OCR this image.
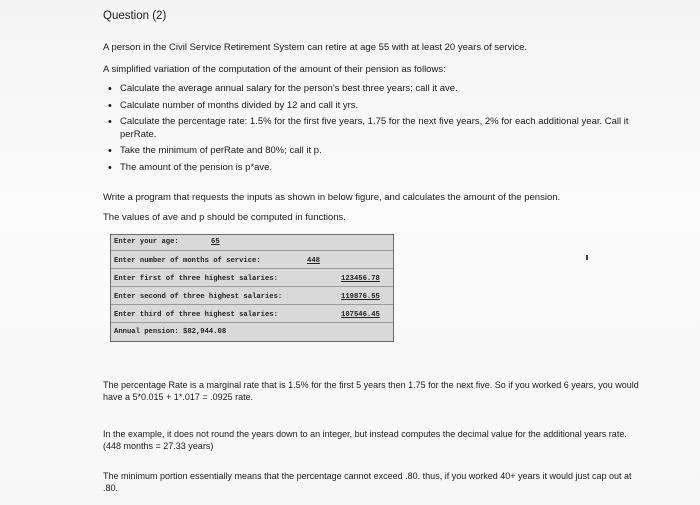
Question (2)
A person in the Civil Service Retirement System can retire at age 55 with at least 20 years of service.
A simplified variation of the computation of the amount of their pension as follows:
• Calculate the average annual salary for the person's best three years; call it ave.
• Calculate number of months divided by 12 and call it yrs.
• Calculate the percentage rate: 1.5% for the first five years, 1.75 for the next five years, 2% for each additional year. Call it perRate.
• Take the minimum of perRate and 80%; call it p.
• The amount of the pension is p*ave.
Write a program that requests the inputs as shown in below figure, and calculates the amount of the pension.
The values of ave and p should be computed in functions.
Enter your age:	65
Enter number of months of service:	448
Enter first of three highest salaries:	123456.78
Enter second of three highest salaries:	119876.55
Enter third of three highest salaries:	107546.45
Annual pension: $82,944.08
The percentage Rate is a marginal rate that is 1.5% for the first 5 years then 1.75 for the next five. So if you worked 6 years, you would have a 5*0.015 + 1*.017 = .0925 rate.
In the example, it does not round the years down to an integer, but instead computes the decimal value for the additional years rate. (448 months = 27.33 years)
The minimum portion essentially means that the percentage cannot exceed .80. thus, if you worked 40+ years it would just cap out at .80.
